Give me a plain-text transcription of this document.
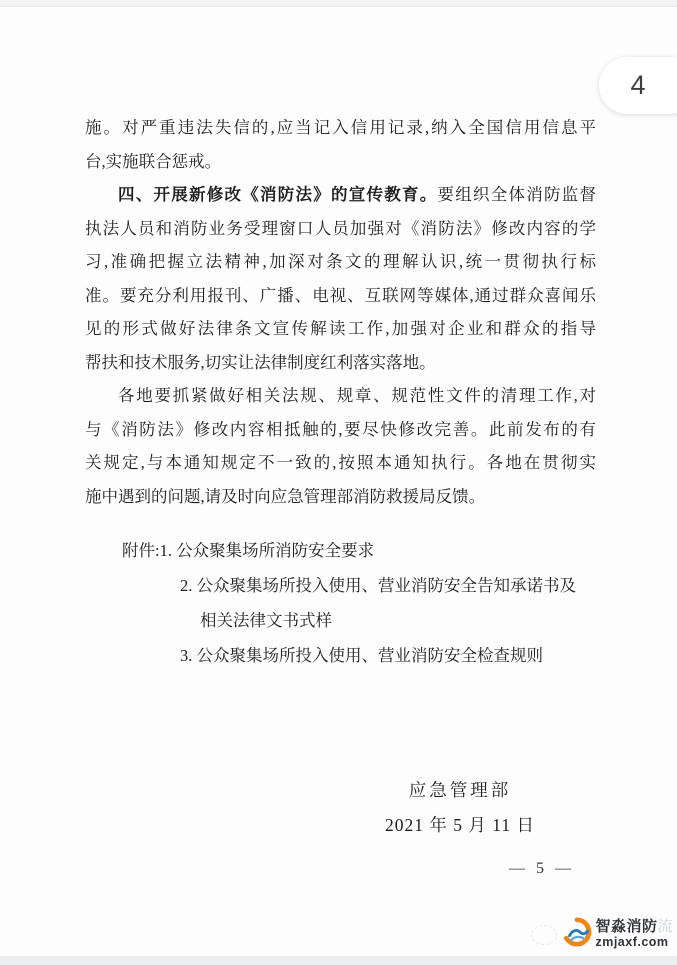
4
施。对严重违法失信的,应当记入信用记录,纳入全国信用信息平
台,实施联合惩戒。
四、开展新修改《消防法》的宣传教育。要组织全体消防监督
执法人员和消防业务受理窗口人员加强对《消防法》修改内容的学
习,准确把握立法精神,加深对条文的理解认识,统一贯彻执行标
准。要充分利用报刊、广播、电视、互联网等媒体,通过群众喜闻乐
见的形式做好法律条文宣传解读工作,加强对企业和群众的指导
帮扶和技术服务,切实让法律制度红利落实落地。
各地要抓紧做好相关法规、规章、规范性文件的清理工作,对
与《消防法》修改内容相抵触的,要尽快修改完善。此前发布的有
关规定,与本通知规定不一致的,按照本通知执行。各地在贯彻实
施中遇到的问题,请及时向应急管理部消防救援局反馈。
附件:1. 公众聚集场所消防安全要求
2. 公众聚集场所投入使用、营业消防安全告知承诺书及
相关法律文书式样
3. 公众聚集场所投入使用、营业消防安全检查规则
应急管理部
2021 年 5 月 11 日
— 5 —
智淼消防流
zmjaxf.com
